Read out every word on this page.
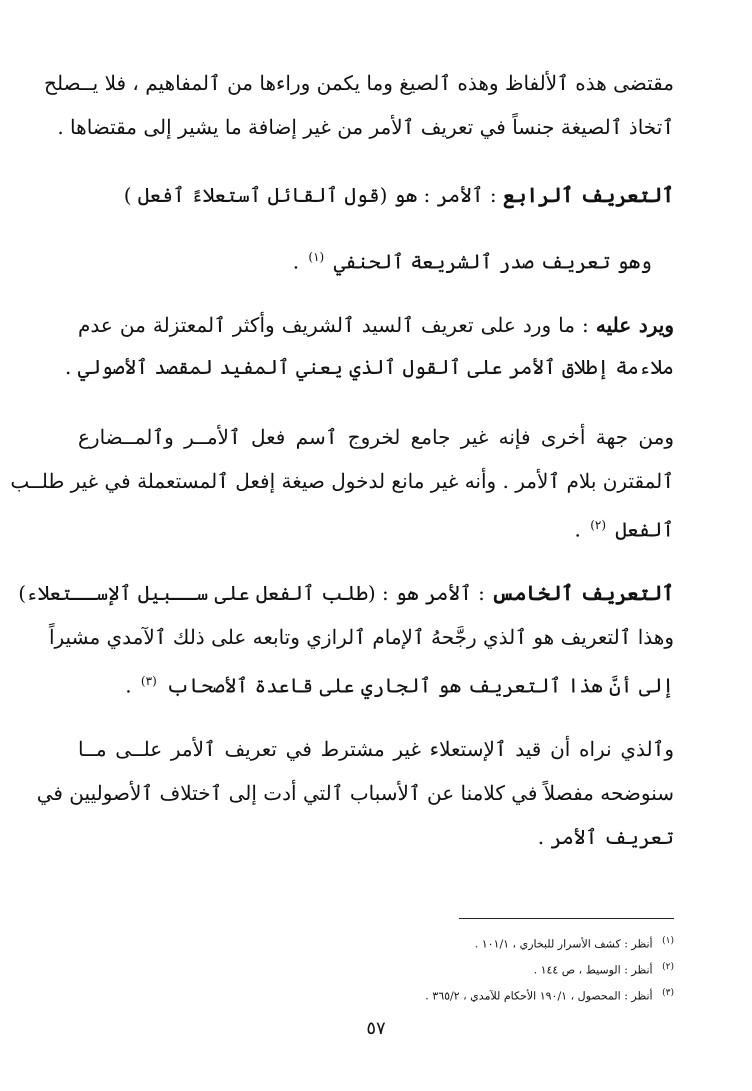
مقتضى هذه ٱلألفاظ وهذه ٱلصيغ وما يكمن وراءها من ٱلمفاهيم ، فلا يــصلح
ٱتخاذ ٱلصيغة جنساً في تعريف ٱلأمر من غير إضافة ما يشير إلى مقتضاها .
ٱلتعريف ٱلرابع : ٱلأمر : هو (قول ٱلقائل ٱستعلاءً ٱفعل )
وهو تعريف صدر ٱلشريعة ٱلحنفي $^{(١)}$ .
ويرد عليه : ما ورد على تعريف ٱلسيد ٱلشريف وأكثر ٱلمعتزلة من عدم
ملاءمة إطلاق ٱلأمر على ٱلقول ٱلذي يعني ٱلمفيد لمقصد ٱلأصولي .
ومن جهة أخرى فإنه غير جامع لخروج ٱسم فعل ٱلأمــر وٱلمــضارع
ٱلمقترن بلام ٱلأمر . وأنه غير مانع لدخول صيغة إفعل ٱلمستعملة في غير طلــب
ٱلفعل $^{(٢)}$ .
ٱلتعريف ٱلخامس : ٱلأمر هو : (طلب ٱلفعل على ســبيل ٱلإســتعلاء)
وهذا ٱلتعريف هو ٱلذي رجَّحهُ ٱلإمام ٱلرازي وتابعه على ذلك ٱلآمدي مشيراً
إلى أنَّ هذا ٱلتعريف هو ٱلجاري على قاعدة ٱلأصحاب $^{(٣)}$ .
وٱلذي نراه أن قيد ٱلإستعلاء غير مشترط في تعريف ٱلأمر علــى مــا
سنوضحه مفصلاً في كلامنا عن ٱلأسباب ٱلتي أدت إلى ٱختلاف ٱلأصوليين في
تعريف ٱلأمر .
$^{(١)}$ أنظر : كشف الأسرار للبخاري ، ١٠١/١ .
$^{(٢)}$ أنظر : الوسيط ، ص ١٤٤ .
$^{(٣)}$ أنظر : المحصول ، ١٩٠/١ الأحكام للآمدي ، ٣٦٥/٢ .
٥٧
